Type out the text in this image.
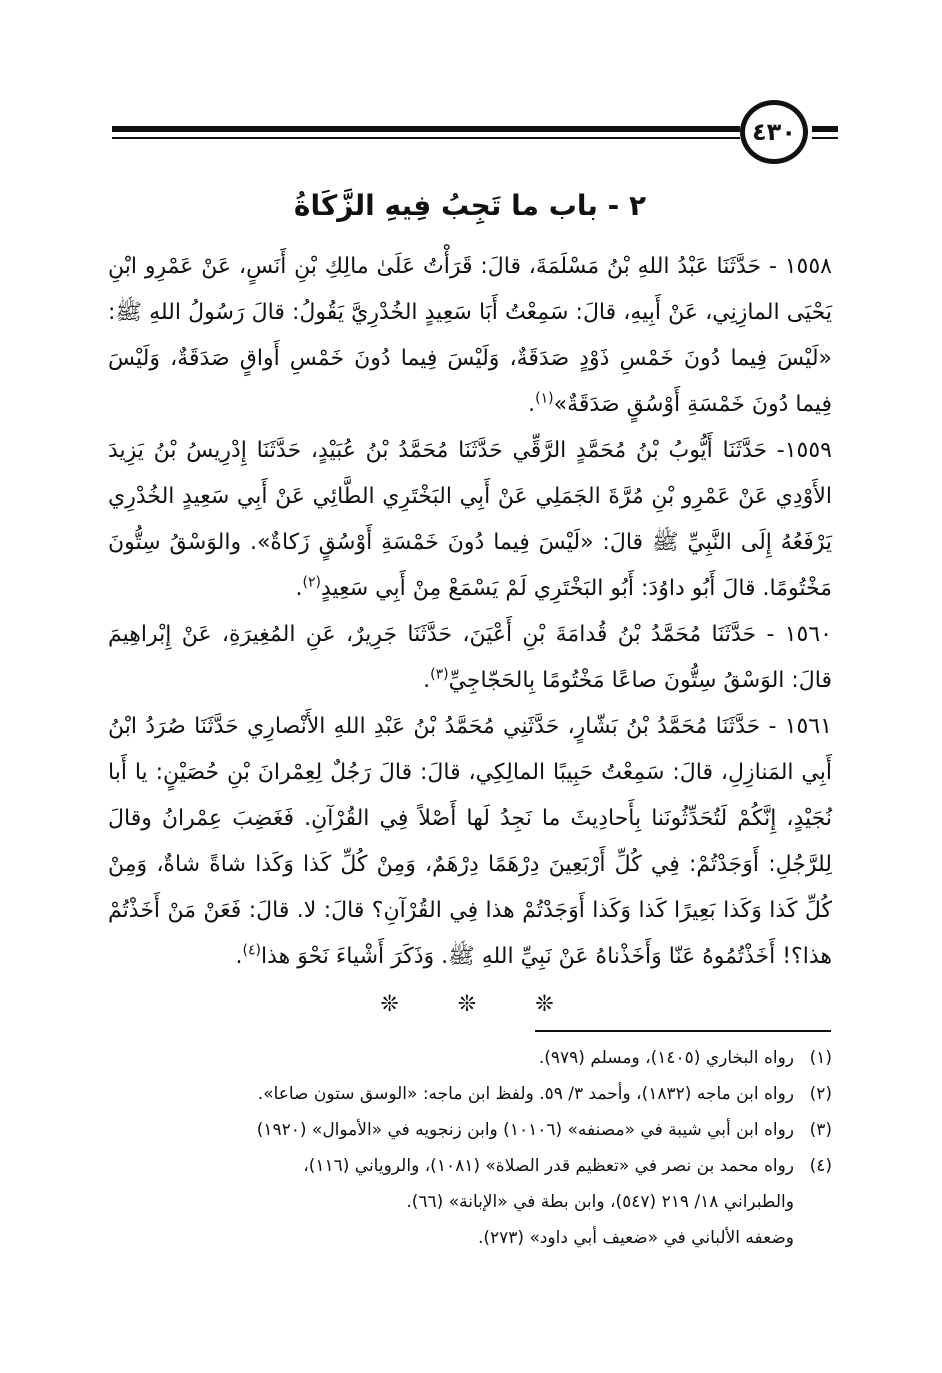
٤٣٠
٢ - باب ما تَجِبُ فِيهِ الزَّكَاةُ

١٥٥٨ - حَدَّثَنَا عَبْدُ اللهِ بْنُ مَسْلَمَةَ، قالَ: قَرَأْتُ عَلَىٰ مالِكِ بْنِ أَنَسٍ، عَنْ عَمْرِو ابْنِ يَحْيَى المازِنِي، عَنْ أَبِيهِ، قالَ: سَمِعْتُ أَبَا سَعِيدٍ الخُدْرِيَّ يَقُولُ: قالَ رَسُولُ اللهِ ﷺ: «لَيْسَ فِيما دُونَ خَمْسِ ذَوْدٍ صَدَقَةٌ، وَلَيْسَ فِيما دُونَ خَمْسِ أَواقٍ صَدَقَةٌ، وَلَيْسَ فِيما دُونَ خَمْسَةِ أَوْسُقٍ صَدَقَةٌ»$^{(١)}$.

١٥٥٩- حَدَّثَنَا أَيُّوبُ بْنُ مُحَمَّدٍ الرَّقِّي حَدَّثَنَا مُحَمَّدُ بْنُ عُبَيْدٍ، حَدَّثَنَا إِدْرِيسُ بْنُ يَزِيدَ الأَوْدِي عَنْ عَمْرِو بْنِ مُرَّةَ الجَمَلِي عَنْ أَبِي البَخْتَرِي الطَّائِي عَنْ أَبِي سَعِيدٍ الخُدْرِي يَرْفَعُهُ إِلَى النَّبِيِّ ﷺ قالَ: «لَيْسَ فِيما دُونَ خَمْسَةِ أَوْسُقٍ زَكاةٌ». والوَسْقُ سِتُّونَ مَخْتُومًا. قالَ أَبُو داوُدَ: أَبُو البَخْتَرِي لَمْ يَسْمَعْ مِنْ أَبِي سَعِيدٍ$^{(٢)}$.

١٥٦٠ - حَدَّثَنَا مُحَمَّدُ بْنُ قُدامَةَ بْنِ أَعْيَنَ، حَدَّثَنَا جَرِيرٌ، عَنِ المُغِيرَةِ، عَنْ إِبْراهِيمَ قالَ: الوَسْقُ سِتُّونَ صاعًا مَخْتُومًا بِالحَجّاجِيِّ$^{(٣)}$.

١٥٦١ - حَدَّثَنَا مُحَمَّدُ بْنُ بَشّارٍ، حَدَّثَنِي مُحَمَّدُ بْنُ عَبْدِ اللهِ الأَنْصارِي حَدَّثَنَا صُرَدُ ابْنُ أَبِي المَنازِلِ، قالَ: سَمِعْتُ حَبِيبًا المالِكِي، قالَ: قالَ رَجُلٌ لِعِمْرانَ بْنِ حُصَيْنٍ: يا أَبا نُجَيْدٍ، إِنَّكُمْ لَتُحَدِّثُونَنا بِأَحادِيثَ ما نَجِدُ لَها أَصْلاً فِي القُرْآنِ. فَغَضِبَ عِمْرانُ وقالَ لِلرَّجُلِ: أَوَجَدْتُمْ: فِي كُلِّ أَرْبَعِينَ دِرْهَمًا دِرْهَمٌ، وَمِنْ كُلِّ كَذا وَكَذا شاةً شاةٌ، وَمِنْ كُلِّ كَذا وَكَذا بَعِيرًا كَذا وَكَذا أَوَجَدْتُمْ هذا فِي القُرْآنِ؟ قالَ: لا. قالَ: فَعَنْ مَنْ أَخَذْتُمْ هذا؟! أَخَذْتُمُوهُ عَنّا وَأَخَذْناهُ عَنْ نَبِيِّ اللهِ ﷺ. وَذَكَرَ أَشْياءَ نَحْوَ هذا$^{(٤)}$.

❊ ❊ ❊

(١)رواه البخاري (١٤٠٥)، ومسلم (٩٧٩).

(٢)رواه ابن ماجه (١٨٣٢)، وأحمد ٣/ ٥٩. ولفظ ابن ماجه: «الوسق ستون صاعا».

(٣)رواه ابن أبي شيبة في «مصنفه» (١٠١٠٦) وابن زنجويه في «الأموال» (١٩٢٠)

(٤)رواه محمد بن نصر في «تعظيم قدر الصلاة» (١٠٨١)، والروياني (١١٦)،

والطبراني ١٨/ ٢١٩ (٥٤٧)، وابن بطة في «الإبانة» (٦٦).

وضعفه الألباني في «ضعيف أبي داود» (٢٧٣).
